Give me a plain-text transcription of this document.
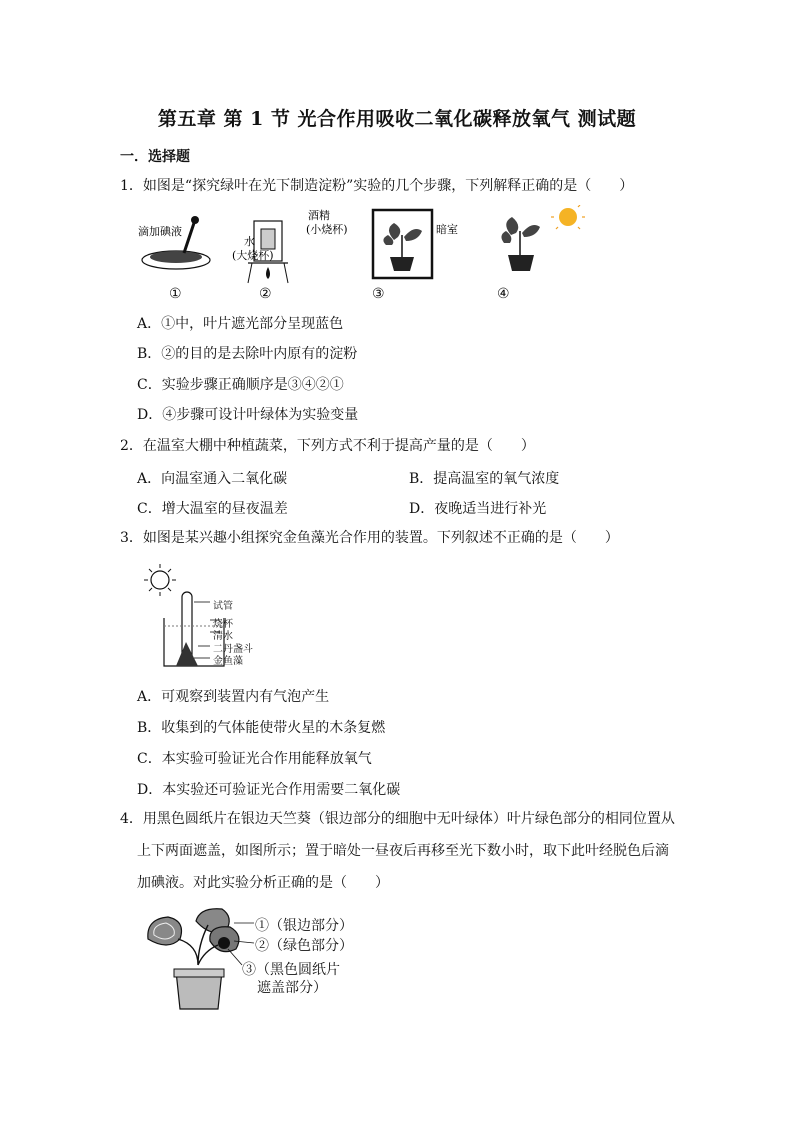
第五章 第 1 节 光合作用吸收二氧化碳释放氧气 测试题
一．选择题
1．如图是“探究绿叶在光下制造淀粉”实验的几个步骤，下列解释正确的是（　　）
滴加碘液
酒精
(小烧杯)
水
(大烧杯)
暗室
①	②	③	④
A．①中，叶片遮光部分呈现蓝色
B．②的目的是去除叶内原有的淀粉
C．实验步骤正确顺序是③④②①
D．④步骤可设计叶绿体为实验变量
2．在温室大棚中种植蔬菜，下列方式不利于提高产量的是（　　）
A．向温室通入二氧化碳	B．提高温室的氧气浓度
C．增大温室的昼夜温差	D．夜晚适当进行补光
3．如图是某兴趣小组探究金鱼藻光合作用的装置。下列叙述不正确的是（　　）
试管
烧杯
清水
二丹盏斗
金鱼藻
A．可观察到装置内有气泡产生
B．收集到的气体能使带火星的木条复燃
C．本实验可验证光合作用能释放氧气
D．本实验还可验证光合作用需要二氧化碳
4．用黑色圆纸片在银边天竺葵（银边部分的细胞中无叶绿体）叶片绿色部分的相同位置从
上下两面遮盖，如图所示；置于暗处一昼夜后再移至光下数小时，取下此叶经脱色后滴
加碘液。对此实验分析正确的是（　　）
①（银边部分）
②（绿色部分）
③（黑色圆纸片
遮盖部分）
